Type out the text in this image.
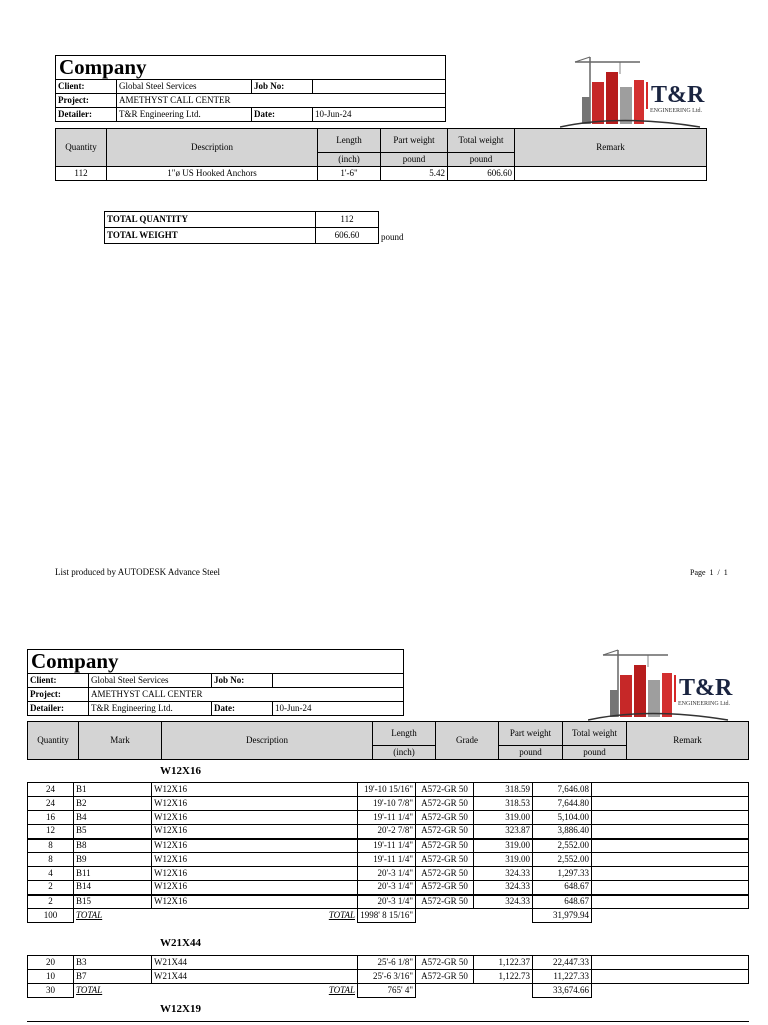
Company			
Client:	Global Steel Services	Job No:	
Project:	AMETHYST CALL CENTER		
Detailer:	T&R Engineering Ltd.	Date:	10-Jun-24
T&R
ENGINEERING Ltd.
Quantity	Description	Length	Part weight	Total weight	Remark
		(inch)	pound	pound	
112	1"ø US Hooked Anchors	1'-6"	5.42	606.60	
TOTAL QUANTITY	112
TOTAL WEIGHT	606.60 pound
List produced by AUTODESK Advance Steel	Page  1  /  1
Company			
Client:	Global Steel Services	Job No:	
Project:	AMETHYST CALL CENTER		
Detailer:	T&R Engineering Ltd.	Date:	10-Jun-24
T&R
ENGINEERING Ltd.
Quantity	Mark	Description	Length	Grade	Part weight	Total weight	Remark
			(inch)		pound	pound	
W12X16
24	B1	W12X16	19'-10 15/16"	A572-GR 50	318.59	7,646.08	
24	B2	W12X16	19'-10 7/8"	A572-GR 50	318.53	7,644.80	
16	B4	W12X16	19'-11 1/4"	A572-GR 50	319.00	5,104.00	
12	B5	W12X16	20'-2 7/8"	A572-GR 50	323.87	3,886.40	
8	B8	W12X16	19'-11 1/4"	A572-GR 50	319.00	2,552.00	
8	B9	W12X16	19'-11 1/4"	A572-GR 50	319.00	2,552.00	
4	B11	W12X16	20'-3 1/4"	A572-GR 50	324.33	1,297.33	
2	B14	W12X16	20'-3 1/4"	A572-GR 50	324.33	648.67	
2	B15	W12X16	20'-3 1/4"	A572-GR 50	324.33	648.67	
100	TOTAL	TOTAL	1998' 8 15/16"			31,979.94	
W21X44
20	B3	W21X44	25'-6 1/8"	A572-GR 50	1,122.37	22,447.33	
10	B7	W21X44	25'-6 3/16"	A572-GR 50	1,122.73	11,227.33	
30	TOTAL	TOTAL	765' 4"			33,674.66	
W12X19
